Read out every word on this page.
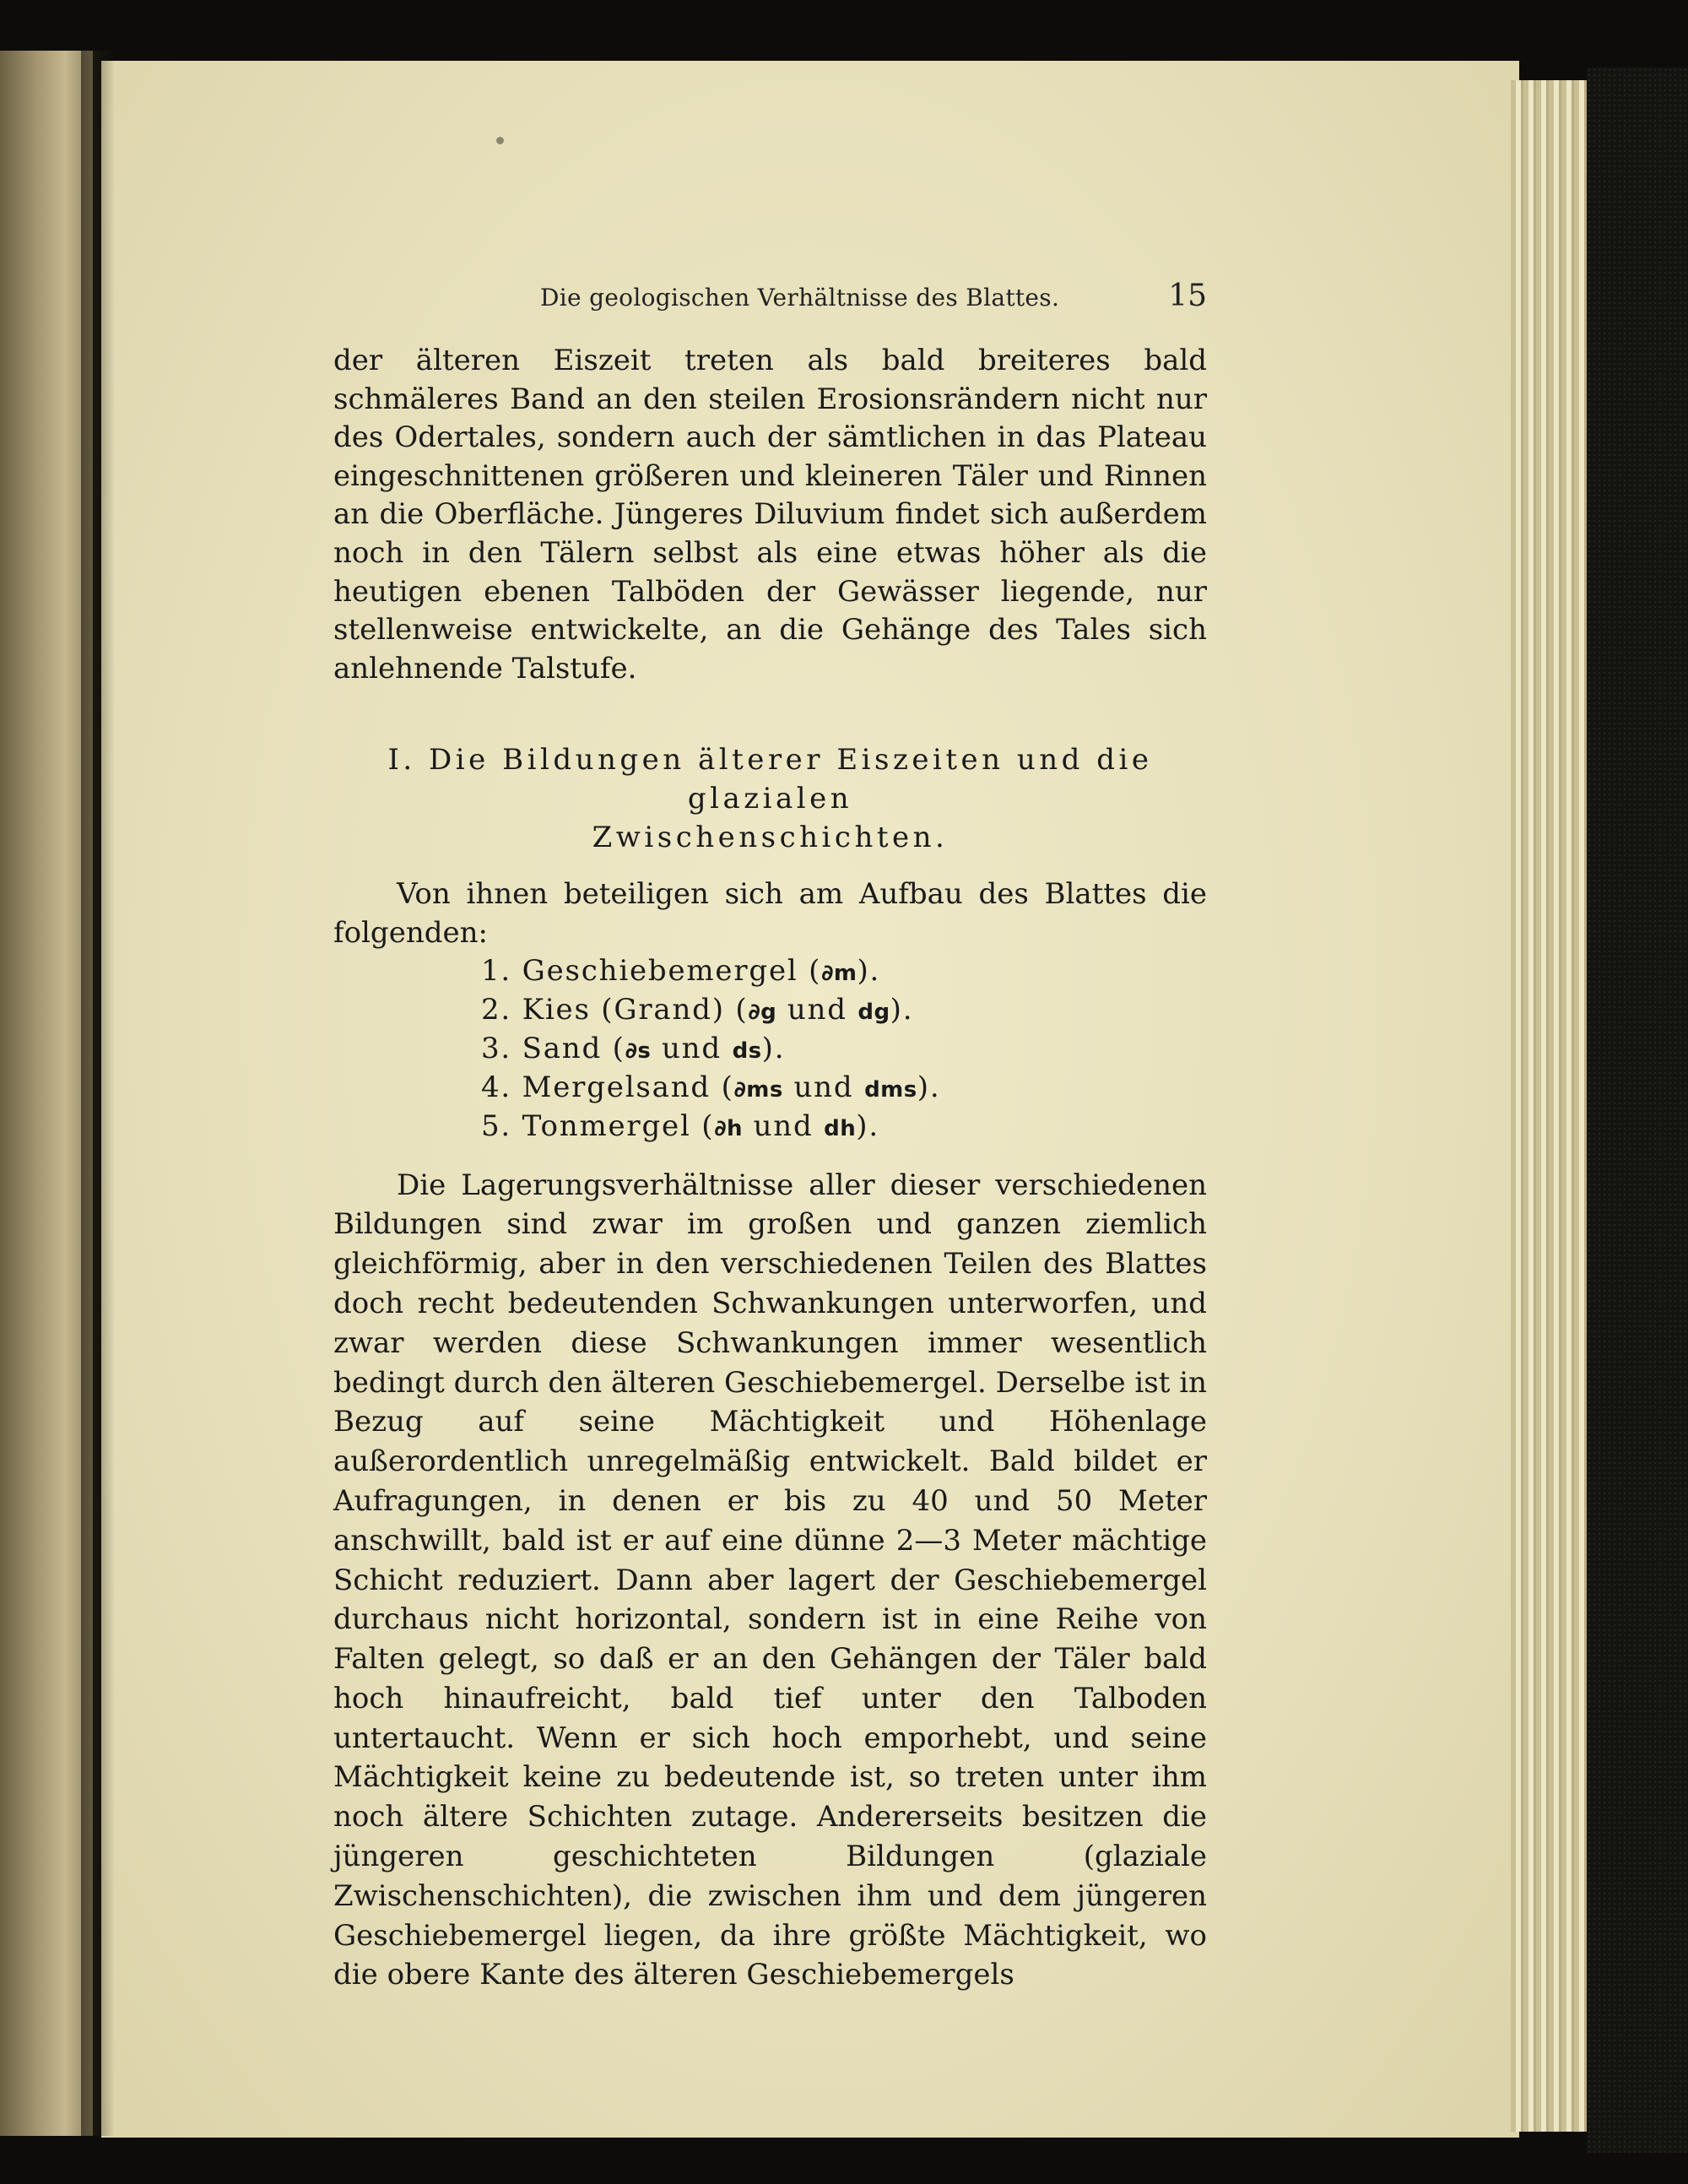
Die geologischen Verhältnisse des Blattes.	15

der älteren Eiszeit treten als bald breiteres bald schmäleres Band an den steilen Erosionsrändern nicht nur des Odertales, sondern auch der sämtlichen in das Plateau eingeschnittenen größeren und kleineren Täler und Rinnen an die Oberfläche. Jüngeres Diluvium findet sich außerdem noch in den Tälern selbst als eine etwas höher als die heutigen ebenen Talböden der Gewässer liegende, nur stellenweise entwickelte, an die Gehänge des Tales sich anlehnende Talstufe.

I. Die Bildungen älterer Eiszeiten und die glazialen
Zwischenschichten.

Von ihnen beteiligen sich am Aufbau des Blattes die folgenden:

1. Geschiebemergel (∂m).
2. Kies (Grand) (∂g und dg).
3. Sand (∂s und ds).
4. Mergelsand (∂ms und dms).
5. Tonmergel (∂h und dh).

Die Lagerungsverhältnisse aller dieser verschiedenen Bildungen sind zwar im großen und ganzen ziemlich gleichförmig, aber in den verschiedenen Teilen des Blattes doch recht bedeutenden Schwankungen unterworfen, und zwar werden diese Schwankungen immer wesentlich bedingt durch den älteren Geschiebemergel. Derselbe ist in Bezug auf seine Mächtigkeit und Höhenlage außerordentlich unregelmäßig entwickelt. Bald bildet er Aufragungen, in denen er bis zu 40 und 50 Meter anschwillt, bald ist er auf eine dünne 2—3 Meter mächtige Schicht reduziert. Dann aber lagert der Geschiebemergel durchaus nicht horizontal, sondern ist in eine Reihe von Falten gelegt, so daß er an den Gehängen der Täler bald hoch hinaufreicht, bald tief unter den Talboden untertaucht. Wenn er sich hoch emporhebt, und seine Mächtigkeit keine zu bedeutende ist, so treten unter ihm noch ältere Schichten zutage. Andererseits besitzen die jüngeren geschichteten Bildungen (glaziale Zwischenschichten), die zwischen ihm und dem jüngeren Geschiebemergel liegen, da ihre größte Mächtigkeit, wo die obere Kante des älteren Geschiebemergels
